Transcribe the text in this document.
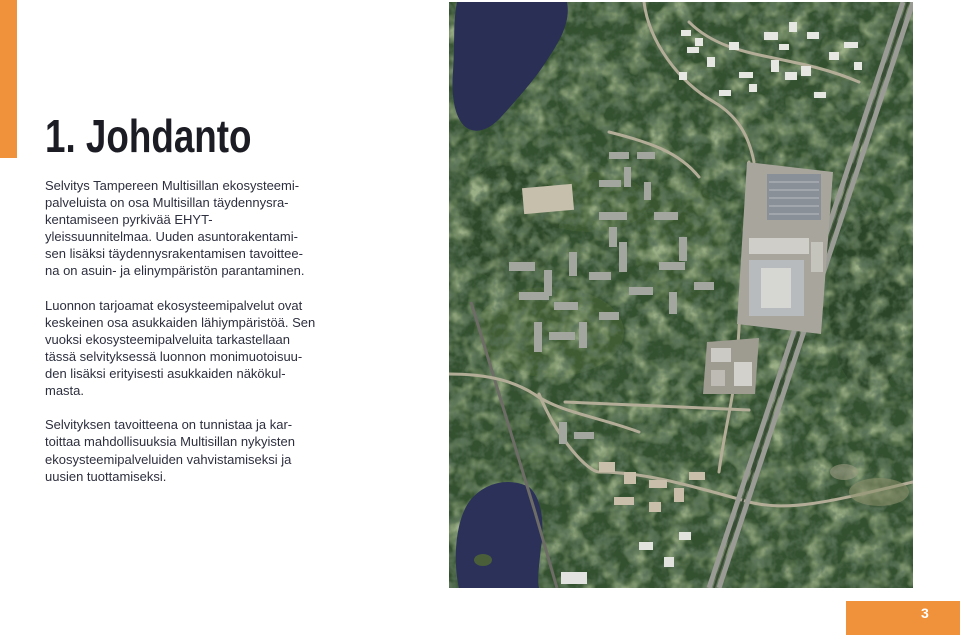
1. Johdanto

Selvitys Tampereen Multisillan ekosysteemi-
palveluista on osa Multisillan täydennysra-
kentamiseen pyrkivää EHYT-
yleissuunnitelmaa. Uuden asuntorakentami-
sen lisäksi täydennysrakentamisen tavoittee-
na on asuin- ja elinympäristön parantaminen.

Luonnon tarjoamat ekosysteemipalvelut ovat
keskeinen osa asukkaiden lähiympäristöä. Sen
vuoksi ekosysteemipalveluita tarkastellaan
tässä selvityksessä luonnon monimuotoisuu-
den lisäksi erityisesti asukkaiden näkökul-
masta.

Selvityksen tavoitteena on tunnistaa ja kar-
toittaa mahdollisuuksia Multisillan nykyisten
ekosysteemipalveluiden vahvistamiseksi ja
uusien tuottamiseksi.

3
